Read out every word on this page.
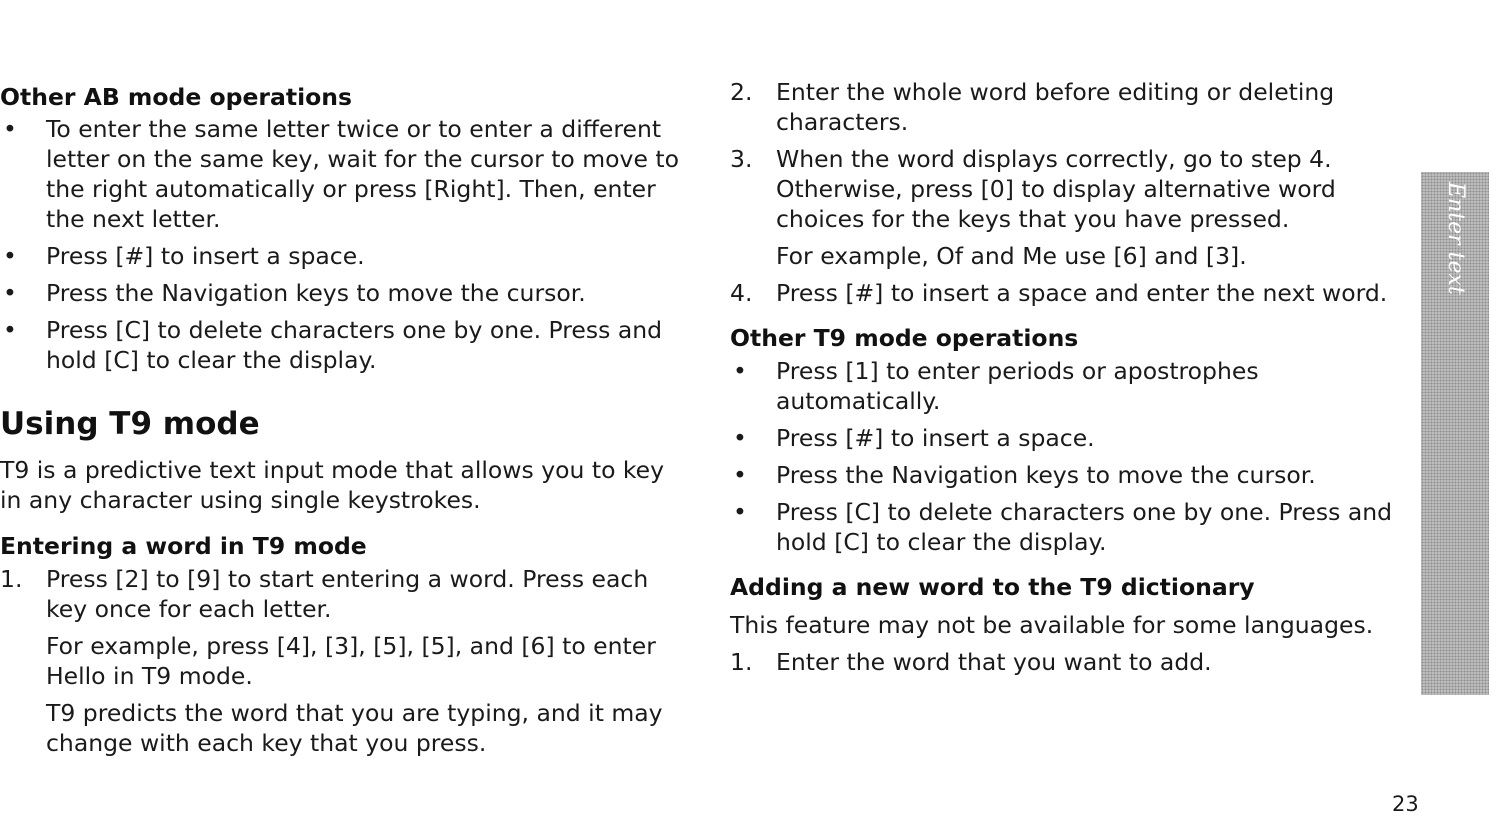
Other AB mode operations
•	To enter the same letter twice or to enter a different letter on the same key, wait for the cursor to move to the right automatically or press [Right]. Then, enter the next letter.
•	Press [#] to insert a space.
•	Press the Navigation keys to move the cursor.
•	Press [C] to delete characters one by one. Press and hold [C] to clear the display.
Using T9 mode

T9 is a predictive text input mode that allows you to key in any character using single keystrokes.

Entering a word in T9 mode
1.	Press [2] to [9] to start entering a word. Press each key once for each letter.

For example, press [4], [3], [5], [5], and [6] to enter Hello in T9 mode.

T9 predicts the word that you are typing, and it may change with each key that you press.

2.	Enter the whole word before editing or deleting characters.
3.	When the word displays correctly, go to step 4. Otherwise, press [0] to display alternative word choices for the keys that you have pressed.

For example, Of and Me use [6] and [3].

4.	Press [#] to insert a space and enter the next word.
Other T9 mode operations
•	Press [1] to enter periods or apostrophes automatically.
•	Press [#] to insert a space.
•	Press the Navigation keys to move the cursor.
•	Press [C] to delete characters one by one. Press and hold [C] to clear the display.
Adding a new word to the T9 dictionary

This feature may not be available for some languages.

1.	Enter the word that you want to add.
Enter text
23
